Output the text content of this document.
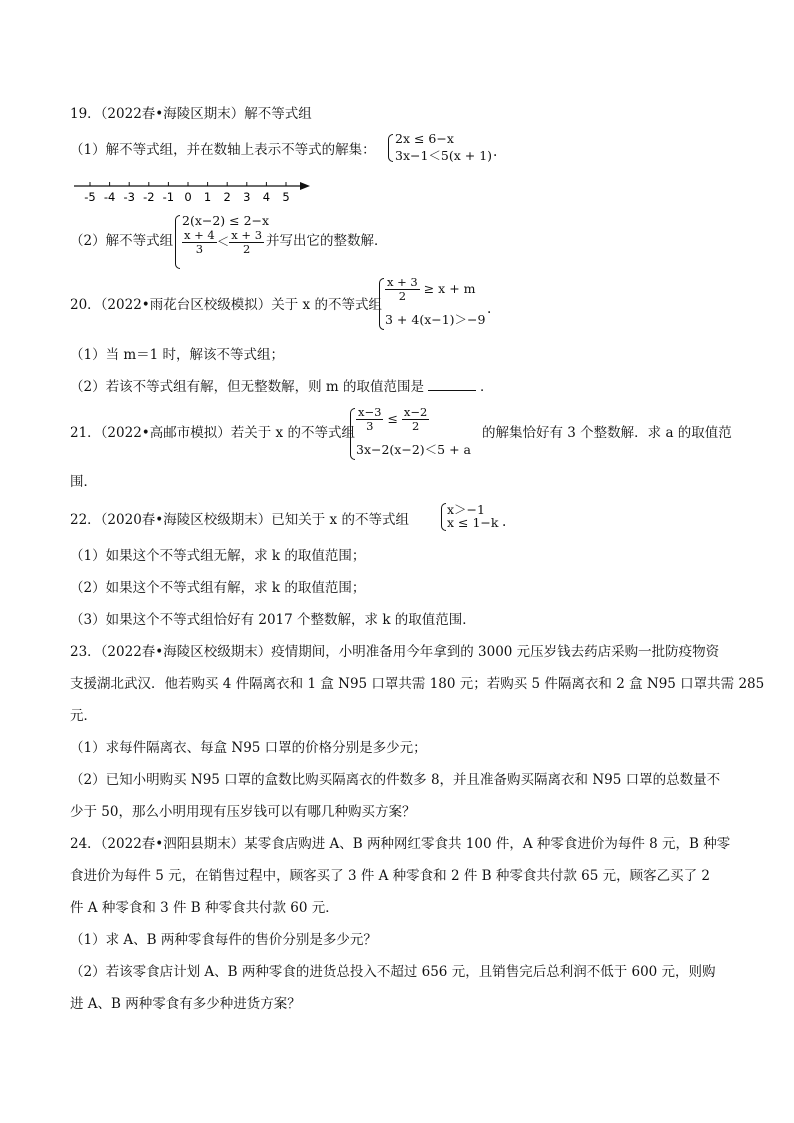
19．（2022春•海陵区期末）解不等式组
（1）解不等式组，并在数轴上表示不等式的解集：
2x ≤ 6−x
3x−1＜5(x + 1) .
-5 -4 -3 -2 -1 0 1 2 3 4 5
（2）解不等式组
2(x−2) ≤ 2−x
$\frac{x + 4}{3} < \frac{x + 3}{2}$ 并写出它的整数解．
20．（2022•雨花台区校级模拟）关于 x 的不等式组
$\frac{x + 3}{2} \ge x + m$
3 + 4(x−1)＞−9
.
（1）当 m＝1 时，解该不等式组；
（2）若该不等式组有解，但无整数解，则 m 的取值范围是	．
21．（2022•高邮市模拟）若关于 x 的不等式组 $\frac{x-3}{3} \le \frac{x-2}{2}$
3x−2(x−2)＜5 + a
的解集恰好有 3 个整数解．求 a 的取值范
围．
22．（2020春•海陵区校级期末）已知关于 x 的不等式组
x＞−1
x ≤ 1−k .
（1）如果这个不等式组无解，求 k 的取值范围；
（2）如果这个不等式组有解，求 k 的取值范围；
（3）如果这个不等式组恰好有 2017 个整数解，求 k 的取值范围．
23．（2022春•海陵区校级期末）疫情期间，小明准备用今年拿到的 3000 元压岁钱去药店采购一批防疫物资
支援湖北武汉．他若购买 4 件隔离衣和 1 盒 N95 口罩共需 180 元；若购买 5 件隔离衣和 2 盒 N95 口罩共需 285
元．
（1）求每件隔离衣、每盒 N95 口罩的价格分别是多少元；
（2）已知小明购买 N95 口罩的盒数比购买隔离衣的件数多 8，并且准备购买隔离衣和 N95 口罩的总数量不
少于 50，那么小明用现有压岁钱可以有哪几种购买方案？
24．（2022春•泗阳县期末）某零食店购进 A、B 两种网红零食共 100 件，A 种零食进价为每件 8 元，B 种零
食进价为每件 5 元，在销售过程中，顾客买了 3 件 A 种零食和 2 件 B 种零食共付款 65 元，顾客乙买了 2
件 A 种零食和 3 件 B 种零食共付款 60 元．
（1）求 A、B 两种零食每件的售价分别是多少元？
（2）若该零食店计划 A、B 两种零食的进货总投入不超过 656 元，且销售完后总利润不低于 600 元，则购
进 A、B 两种零食有多少种进货方案？
